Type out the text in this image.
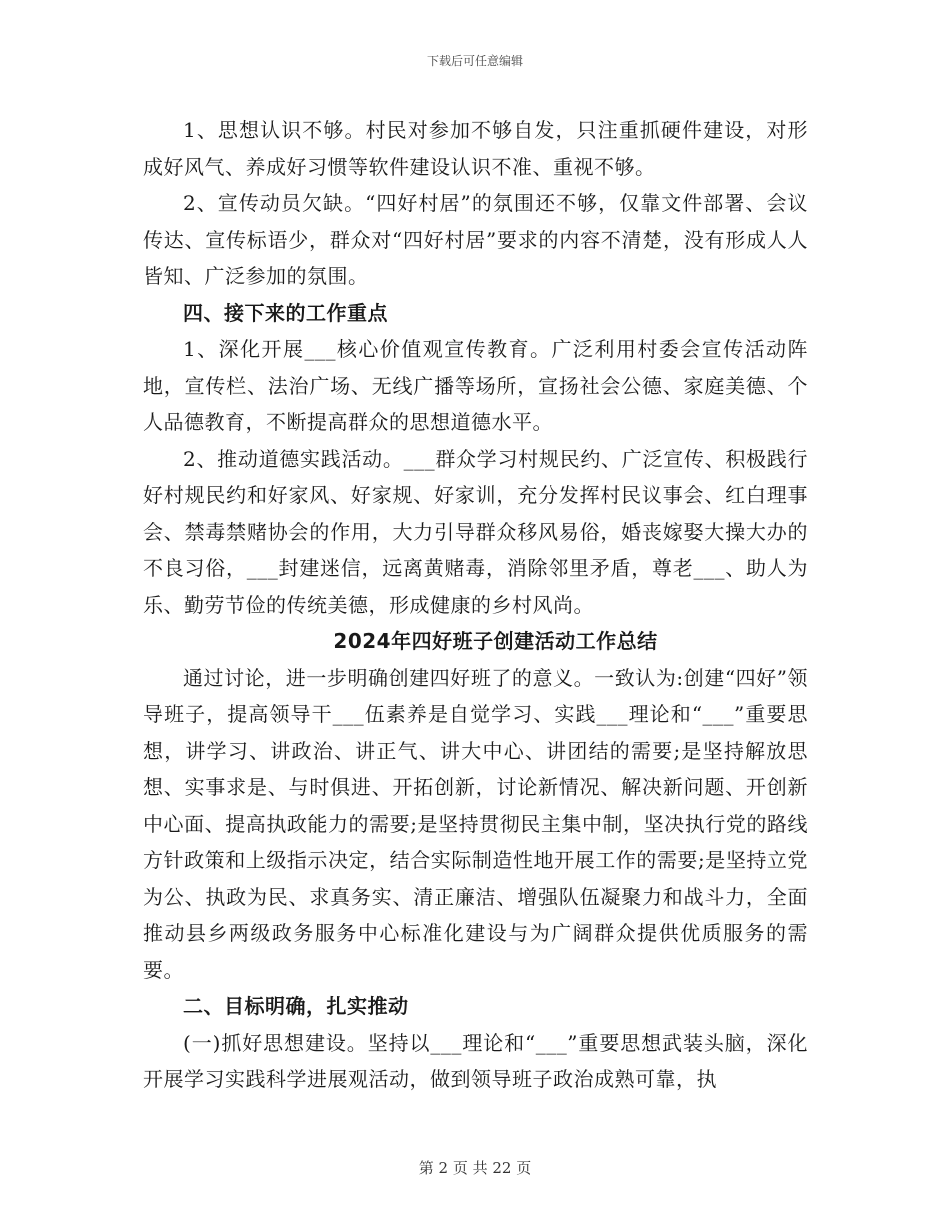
下载后可任意编辑

1、思想认识不够。村民对参加不够自发，只注重抓硬件建设，对形成好风气、养成好习惯等软件建设认识不准、重视不够。

2、宣传动员欠缺。“四好村居”的氛围还不够，仅靠文件部署、会议传达、宣传标语少，群众对“四好村居”要求的内容不清楚，没有形成人人皆知、广泛参加的氛围。

四、接下来的工作重点

1、深化开展___核心价值观宣传教育。广泛利用村委会宣传活动阵地，宣传栏、法治广场、无线广播等场所，宣扬社会公德、家庭美德、个人品德教育，不断提高群众的思想道德水平。

2、推动道德实践活动。___群众学习村规民约、广泛宣传、积极践行好村规民约和好家风、好家规、好家训，充分发挥村民议事会、红白理事会、禁毒禁赌协会的作用，大力引导群众移风易俗，婚丧嫁娶大操大办的不良习俗，___封建迷信，远离黄赌毒，消除邻里矛盾，尊老___、助人为乐、勤劳节俭的传统美德，形成健康的乡村风尚。

2024年四好班子创建活动工作总结

通过讨论，进一步明确创建四好班了的意义。一致认为:创建“四好”领导班子，提高领导干___伍素养是自觉学习、实践___理论和“___”重要思想，讲学习、讲政治、讲正气、讲大中心、讲团结的需要;是坚持解放思想、实事求是、与时俱进、开拓创新，讨论新情况、解决新问题、开创新中心面、提高执政能力的需要;是坚持贯彻民主集中制，坚决执行党的路线方针政策和上级指示决定，结合实际制造性地开展工作的需要;是坚持立党为公、执政为民、求真务实、清正廉洁、增强队伍凝聚力和战斗力，全面推动县乡两级政务服务中心标准化建设与为广阔群众提供优质服务的需要。

二、目标明确，扎实推动

(一)抓好思想建设。坚持以___理论和“___”重要思想武装头脑，深化开展学习实践科学进展观活动，做到领导班子政治成熟可靠，执

第 2 页 共 22 页
